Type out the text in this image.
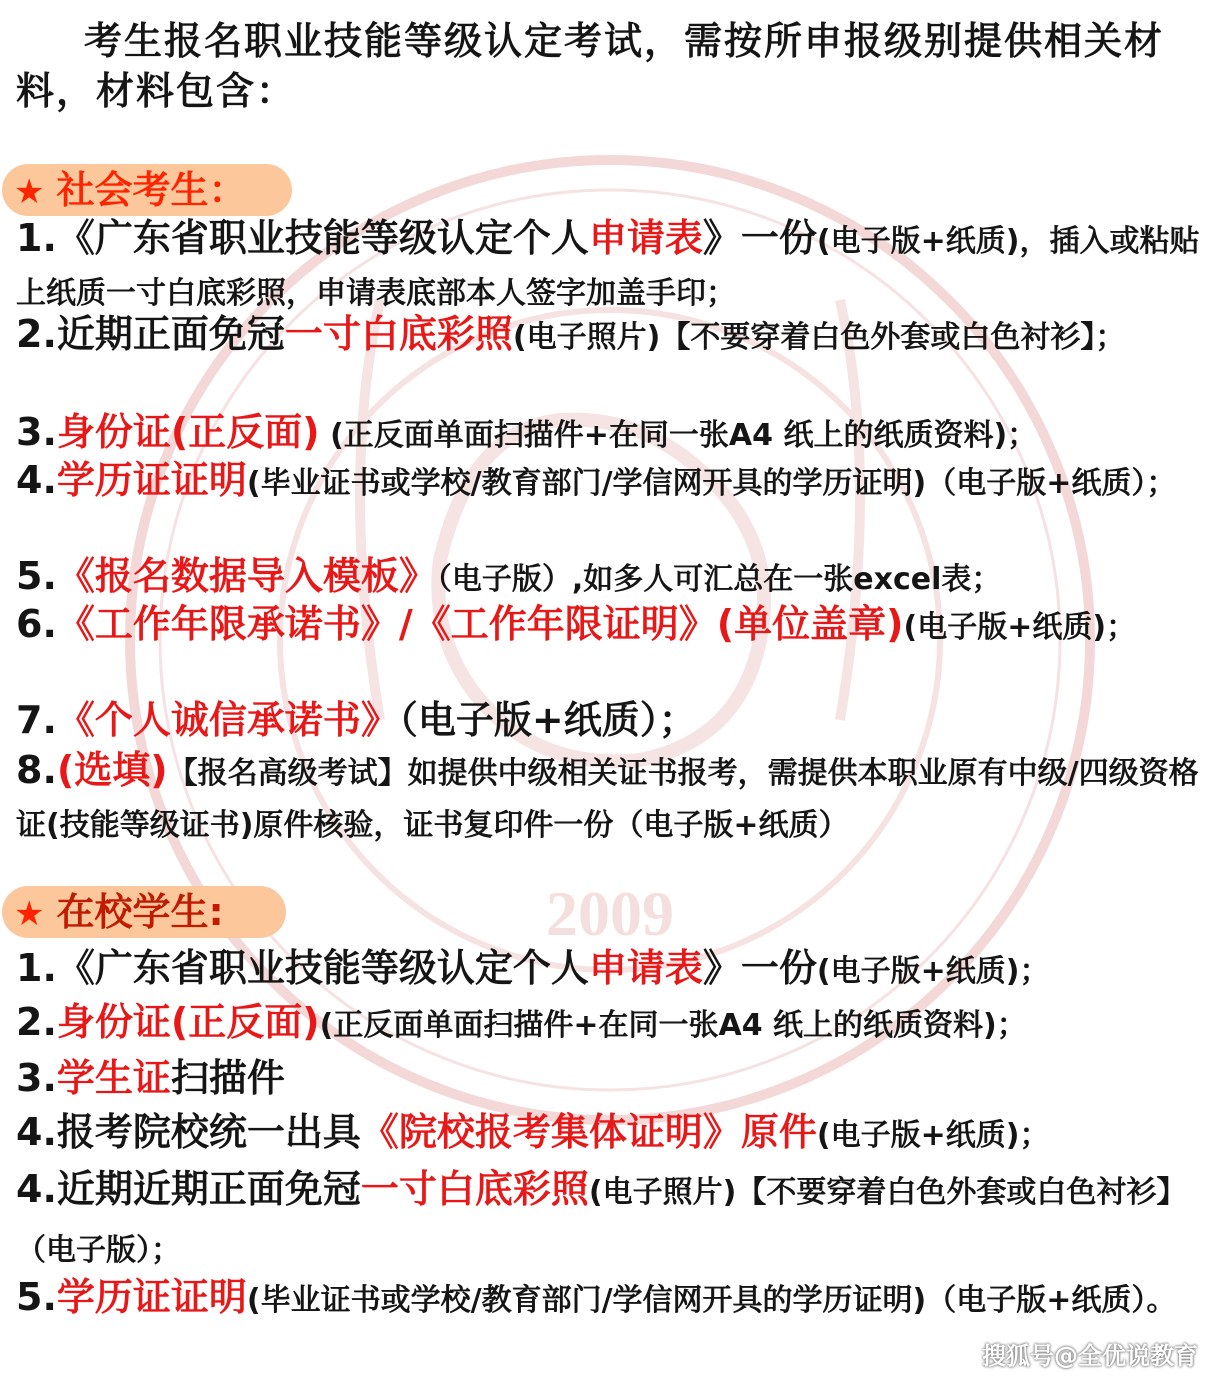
2009

考生报名职业技能等级认定考试，需按所申报级别提供相关材料，材料包含：

★ 社会考生：

1.《广东省职业技能等级认定个人申请表》一份(电子版+纸质)，插入或粘贴上纸质一寸白底彩照，申请表底部本人签字加盖手印；

2.近期正面免冠一寸白底彩照(电子照片)【不要穿着白色外套或白色衬衫】；

3.身份证(正反面) (正反面单面扫描件+在同一张A4 纸上的纸质资料)；

4.学历证证明(毕业证书或学校/教育部门/学信网开具的学历证明)（电子版+纸质）；

5.《报名数据导入模板》（电子版）,如多人可汇总在一张excel表；

6.《工作年限承诺书》/《工作年限证明》(单位盖章)(电子版+纸质)；

7.《个人诚信承诺书》（电子版+纸质）；

8.(选填)【报名高级考试】如提供中级相关证书报考，需提供本职业原有中级/四级资格证(技能等级证书)原件核验，证书复印件一份（电子版+纸质）

★ 在校学生:

1.《广东省职业技能等级认定个人申请表》一份(电子版+纸质)；

2.身份证(正反面)(正反面单面扫描件+在同一张A4 纸上的纸质资料)；

3.学生证扫描件

4.报考院校统一出具《院校报考集体证明》原件(电子版+纸质)；

4.近期近期正面免冠一寸白底彩照(电子照片)【不要穿着白色外套或白色衬衫】（电子版）；

5.学历证证明(毕业证书或学校/教育部门/学信网开具的学历证明)（电子版+纸质）。

搜狐号@全优说教育
